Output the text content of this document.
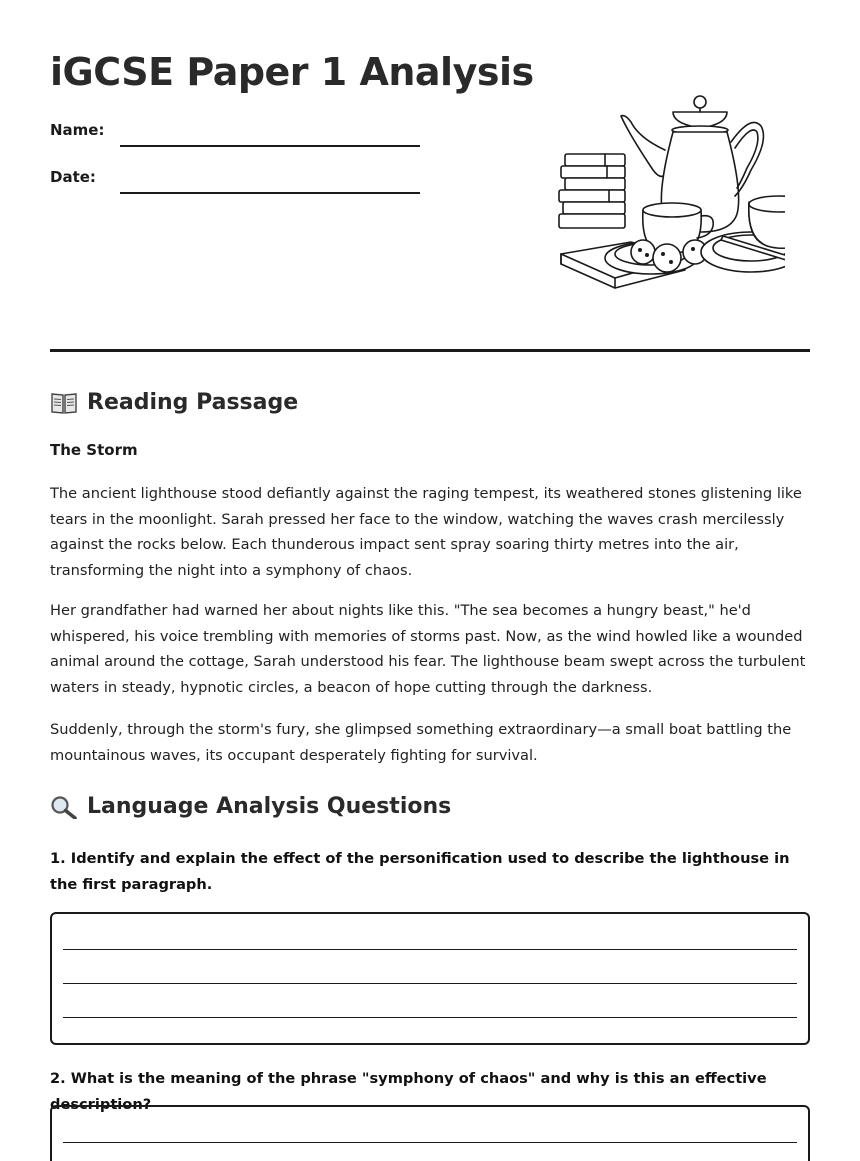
iGCSE Paper 1 Analysis
Name:
Date:
Reading Passage
The Storm

The ancient lighthouse stood defiantly against the raging tempest, its weathered stones glistening like tears in the moonlight. Sarah pressed her face to the window, watching the waves crash mercilessly against the rocks below. Each thunderous impact sent spray soaring thirty metres into the air, transforming the night into a symphony of chaos.

Her grandfather had warned her about nights like this. "The sea becomes a hungry beast," he'd whispered, his voice trembling with memories of storms past. Now, as the wind howled like a wounded animal around the cottage, Sarah understood his fear. The lighthouse beam swept across the turbulent waters in steady, hypnotic circles, a beacon of hope cutting through the darkness.

Suddenly, through the storm's fury, she glimpsed something extraordinary—a small boat battling the mountainous waves, its occupant desperately fighting for survival.

Language Analysis Questions

1. Identify and explain the effect of the personification used to describe the lighthouse in the first paragraph.

2. What is the meaning of the phrase "symphony of chaos" and why is this an effective description?
